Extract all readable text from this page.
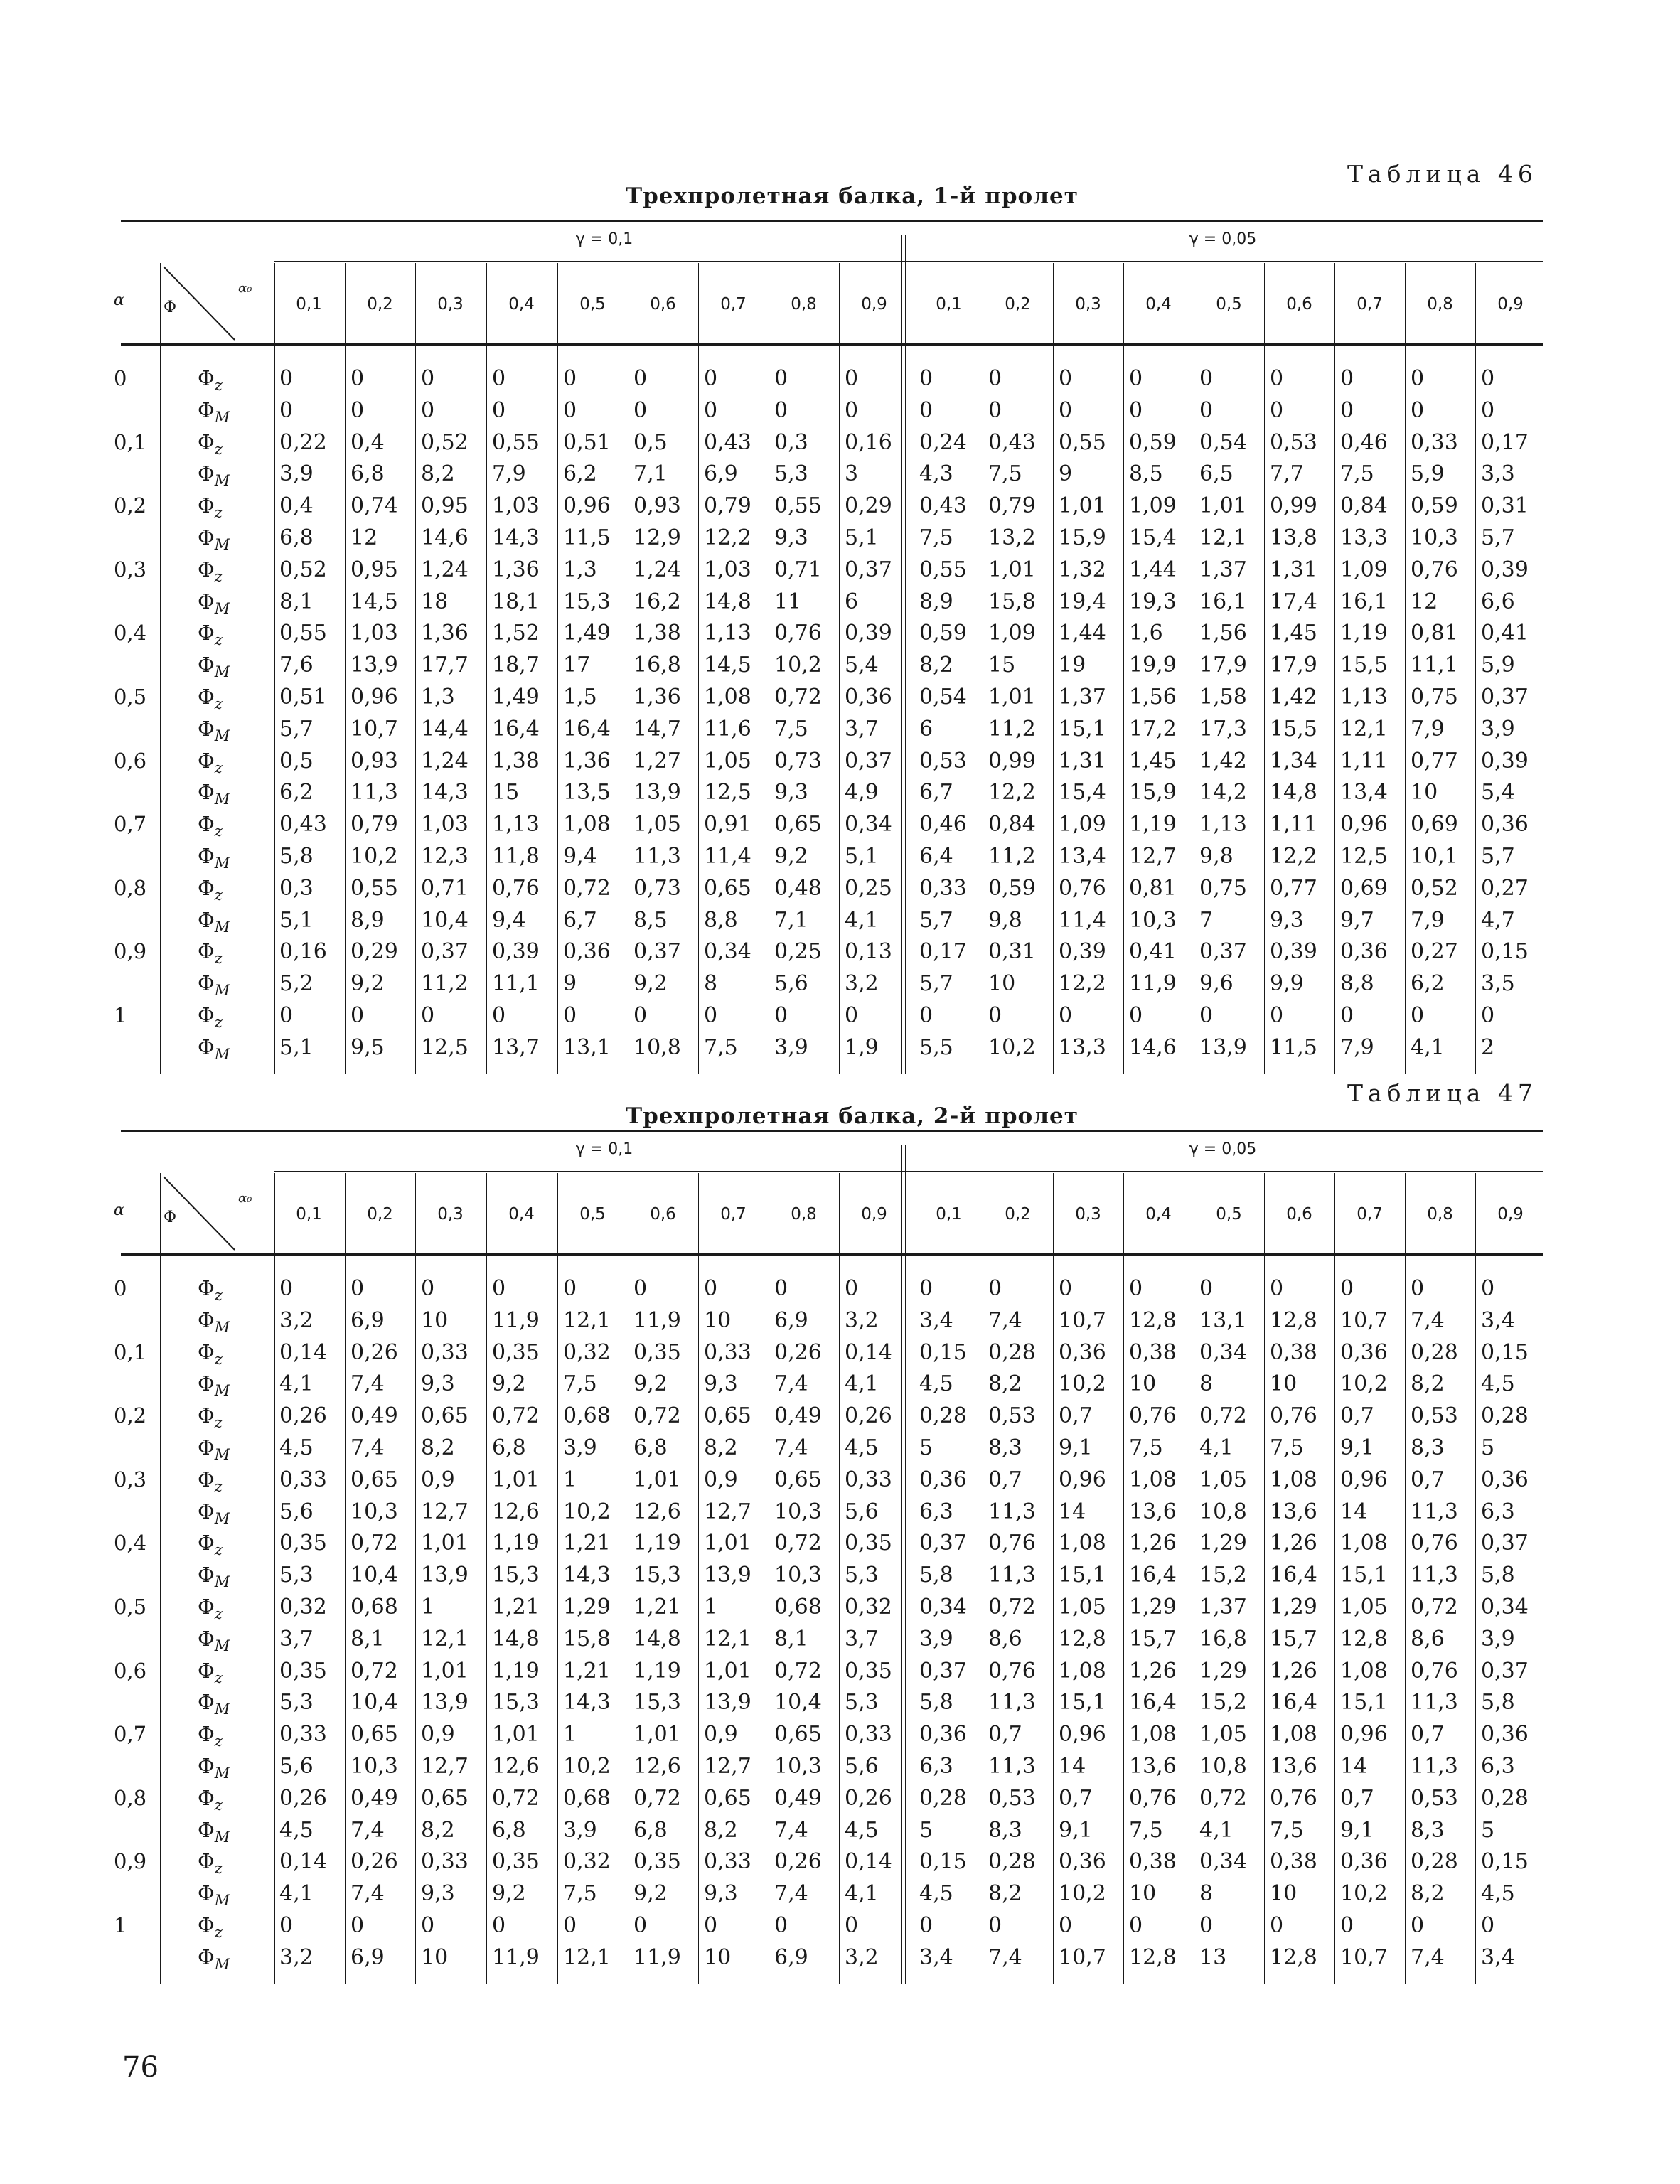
Таблица 46
Трехпролетная балка, 1-й пролет
γ = 0,1	γ = 0,05
α	Φ
α₀
0,1	0,2	0,3	0,4	0,5	0,6	0,7	0,8	0,9	0,1	0,2	0,3	0,4	0,5	0,6	0,7	0,8	0,9
0	$\Phi_z$	0	0	0	0	0	0	0	0	0	0	0	0	0	0	0	0	0	0
$\Phi_M$	0	0	0	0	0	0	0	0	0	0	0	0	0	0	0	0	0	0
0,1 $\Phi_z$	0,22 0,4 0,52 0,55 0,51 0,5 0,43 0,3 0,16 0,24 0,43 0,55 0,59 0,54 0,53 0,46 0,33 0,17
$\Phi_M$	3,9 6,8 8,2 7,9 6,2 7,1 6,9 5,3 3	4,3 7,5 9	8,5 6,5 7,7 7,5 5,9 3,3
0,2 $\Phi_z$	0,4 0,74 0,95 1,03 0,96 0,93 0,79 0,55 0,29 0,43 0,79 1,01 1,09 1,01 0,99 0,84 0,59 0,31
$\Phi_M$	6,8 12 14,6 14,3 11,5 12,9 12,2 9,3 5,1 7,5 13,2 15,9 15,4 12,1 13,8 13,3 10,3 5,7
0,3 $\Phi_z$	0,52 0,95 1,24 1,36 1,3 1,24 1,03 0,71 0,37 0,55 1,01 1,32 1,44 1,37 1,31 1,09 0,76 0,39
$\Phi_M$	8,1 14,5 18 18,1 15,3 16,2 14,8 11 6	8,9 15,8 19,4 19,3 16,1 17,4 16,1 12 6,6
0,4 $\Phi_z$	0,55 1,03 1,36 1,52 1,49 1,38 1,13 0,76 0,39 0,59 1,09 1,44 1,6 1,56 1,45 1,19 0,81 0,41
$\Phi_M$	7,6 13,9 17,7 18,7 17 16,8 14,5 10,2 5,4 8,2 15 19 19,9 17,9 17,9 15,5 11,1 5,9
0,5 $\Phi_z$	0,51 0,96 1,3 1,49 1,5 1,36 1,08 0,72 0,36 0,54 1,01 1,37 1,56 1,58 1,42 1,13 0,75 0,37
$\Phi_M$	5,7 10,7 14,4 16,4 16,4 14,7 11,6 7,5 3,7 6	11,2 15,1 17,2 17,3 15,5 12,1 7,9 3,9
0,6 $\Phi_z$	0,5 0,93 1,24 1,38 1,36 1,27 1,05 0,73 0,37 0,53 0,99 1,31 1,45 1,42 1,34 1,11 0,77 0,39
$\Phi_M$	6,2 11,3 14,3 15 13,5 13,9 12,5 9,3 4,9 6,7 12,2 15,4 15,9 14,2 14,8 13,4 10 5,4
0,7 $\Phi_z$	0,43 0,79 1,03 1,13 1,08 1,05 0,91 0,65 0,34 0,46 0,84 1,09 1,19 1,13 1,11 0,96 0,69 0,36
$\Phi_M$	5,8 10,2 12,3 11,8 9,4 11,3 11,4 9,2 5,1 6,4 11,2 13,4 12,7 9,8 12,2 12,5 10,1 5,7
0,8 $\Phi_z$	0,3 0,55 0,71 0,76 0,72 0,73 0,65 0,48 0,25 0,33 0,59 0,76 0,81 0,75 0,77 0,69 0,52 0,27
$\Phi_M$	5,1 8,9 10,4 9,4 6,7 8,5 8,8 7,1 4,1 5,7 9,8 11,4 10,3 7	9,3 9,7 7,9 4,7
0,9 $\Phi_z$	0,16 0,29 0,37 0,39 0,36 0,37 0,34 0,25 0,13 0,17 0,31 0,39 0,41 0,37 0,39 0,36 0,27 0,15
$\Phi_M$	5,2 9,2 11,2 11,1 9	9,2 8	5,6 3,2 5,7 10 12,2 11,9 9,6 9,9 8,8 6,2 3,5
1	$\Phi_z$	0	0	0	0	0	0	0	0	0	0	0	0	0	0	0	0	0	0
$\Phi_M$	5,1 9,5 12,5 13,7 13,1 10,8 7,5 3,9 1,9 5,5 10,2 13,3 14,6 13,9 11,5 7,9 4,1 2
Таблица 47
Трехпролетная балка, 2-й пролет
γ = 0,1	γ = 0,05
α	Φ
α₀
0,1	0,2	0,3	0,4	0,5	0,6	0,7	0,8	0,9	0,1	0,2	0,3	0,4	0,5	0,6	0,7	0,8	0,9
0	$\Phi_z$	0	0	0	0	0	0	0	0	0	0	0	0	0	0	0	0	0	0
$\Phi_M$	3,2 6,9 10 11,9 12,1 11,9 10 6,9 3,2 3,4 7,4 10,7 12,8 13,1 12,8 10,7 7,4 3,4
0,1 $\Phi_z$	0,14 0,26 0,33 0,35 0,32 0,35 0,33 0,26 0,14 0,15 0,28 0,36 0,38 0,34 0,38 0,36 0,28 0,15
$\Phi_M$	4,1 7,4 9,3 9,2 7,5 9,2 9,3 7,4 4,1 4,5 8,2 10,2 10 8	10 10,2 8,2 4,5
0,2 $\Phi_z$	0,26 0,49 0,65 0,72 0,68 0,72 0,65 0,49 0,26 0,28 0,53 0,7 0,76 0,72 0,76 0,7 0,53 0,28
$\Phi_M$	4,5 7,4 8,2 6,8 3,9 6,8 8,2 7,4 4,5 5	8,3 9,1 7,5 4,1 7,5 9,1 8,3 5
0,3 $\Phi_z$	0,33 0,65 0,9 1,01 1	1,01 0,9 0,65 0,33 0,36 0,7 0,96 1,08 1,05 1,08 0,96 0,7 0,36
$\Phi_M$	5,6 10,3 12,7 12,6 10,2 12,6 12,7 10,3 5,6 6,3 11,3 14 13,6 10,8 13,6 14 11,3 6,3
0,4 $\Phi_z$	0,35 0,72 1,01 1,19 1,21 1,19 1,01 0,72 0,35 0,37 0,76 1,08 1,26 1,29 1,26 1,08 0,76 0,37
$\Phi_M$	5,3 10,4 13,9 15,3 14,3 15,3 13,9 10,3 5,3 5,8 11,3 15,1 16,4 15,2 16,4 15,1 11,3 5,8
0,5 $\Phi_z$	0,32 0,68 1	1,21 1,29 1,21 1	0,68 0,32 0,34 0,72 1,05 1,29 1,37 1,29 1,05 0,72 0,34
$\Phi_M$	3,7 8,1 12,1 14,8 15,8 14,8 12,1 8,1 3,7 3,9 8,6 12,8 15,7 16,8 15,7 12,8 8,6 3,9
0,6 $\Phi_z$	0,35 0,72 1,01 1,19 1,21 1,19 1,01 0,72 0,35 0,37 0,76 1,08 1,26 1,29 1,26 1,08 0,76 0,37
$\Phi_M$	5,3 10,4 13,9 15,3 14,3 15,3 13,9 10,4 5,3 5,8 11,3 15,1 16,4 15,2 16,4 15,1 11,3 5,8
0,7 $\Phi_z$	0,33 0,65 0,9 1,01 1	1,01 0,9 0,65 0,33 0,36 0,7 0,96 1,08 1,05 1,08 0,96 0,7 0,36
$\Phi_M$	5,6 10,3 12,7 12,6 10,2 12,6 12,7 10,3 5,6 6,3 11,3 14 13,6 10,8 13,6 14 11,3 6,3
0,8 $\Phi_z$	0,26 0,49 0,65 0,72 0,68 0,72 0,65 0,49 0,26 0,28 0,53 0,7 0,76 0,72 0,76 0,7 0,53 0,28
$\Phi_M$	4,5 7,4 8,2 6,8 3,9 6,8 8,2 7,4 4,5 5	8,3 9,1 7,5 4,1 7,5 9,1 8,3 5
0,9 $\Phi_z$	0,14 0,26 0,33 0,35 0,32 0,35 0,33 0,26 0,14 0,15 0,28 0,36 0,38 0,34 0,38 0,36 0,28 0,15
$\Phi_M$	4,1 7,4 9,3 9,2 7,5 9,2 9,3 7,4 4,1 4,5 8,2 10,2 10 8	10 10,2 8,2 4,5
1	$\Phi_z$	0	0	0	0	0	0	0	0	0	0	0	0	0	0	0	0	0	0
$\Phi_M$	3,2 6,9 10 11,9 12,1 11,9 10 6,9 3,2 3,4 7,4 10,7 12,8 13 12,8 10,7 7,4 3,4
76
